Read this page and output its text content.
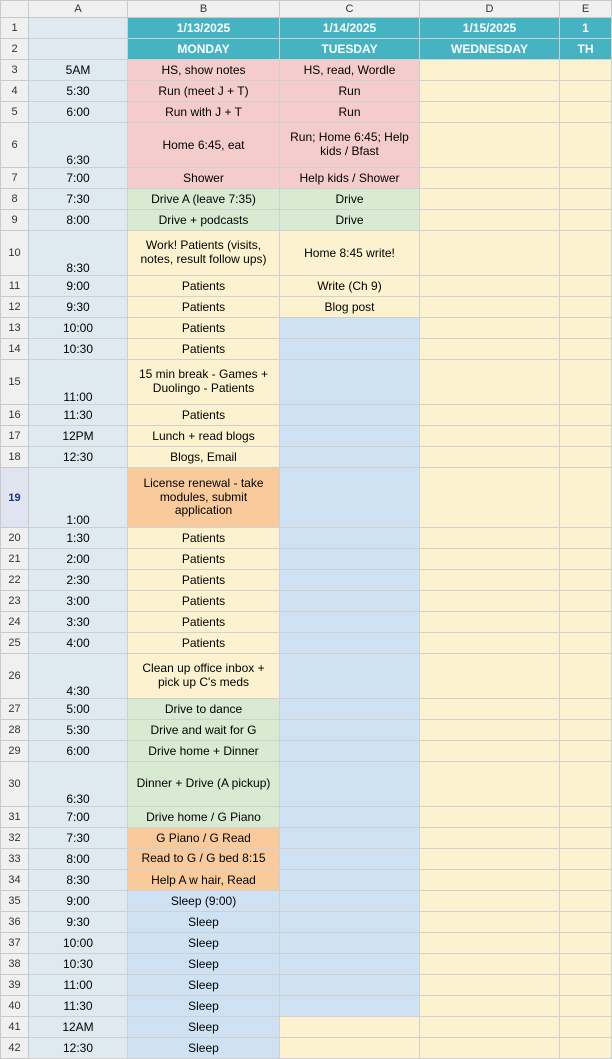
	A	B	C	D	E
1		1/13/2025	1/14/2025	1/15/2025	1
2		MONDAY	TUESDAY	WEDNESDAY	TH
3	5AM	HS, show notes	HS, read, Wordle		
4	5:30	Run (meet J + T)	Run		
5	6:00	Run with J + T	Run		
6	6:30	Home 6:45, eat	Run; Home 6:45; Help kids / Bfast		
7	7:00	Shower	Help kids / Shower		
8	7:30	Drive A (leave 7:35)	Drive		
9	8:00	Drive + podcasts	Drive		
10	8:30	Work! Patients (visits, notes, result follow ups)	Home 8:45 write!		
11	9:00	Patients	Write (Ch 9)		
12	9:30	Patients	Blog post		
13	10:00	Patients			
14	10:30	Patients			
15	11:00	15 min break - Games + Duolingo - Patients			
16	11:30	Patients			
17	12PM	Lunch + read blogs			
18	12:30	Blogs, Email			
19	1:00	License renewal - take modules, submit application			
20	1:30	Patients			
21	2:00	Patients			
22	2:30	Patients			
23	3:00	Patients			
24	3:30	Patients			
25	4:00	Patients			
26	4:30	Clean up office inbox + pick up C's meds			
27	5:00	Drive to dance			
28	5:30	Drive and wait for G			
29	6:00	Drive home + Dinner			
30	6:30	Dinner + Drive (A pickup)			
31	7:00	Drive home / G Piano			
32	7:30	G Piano / G Read			
33	8:00	Read to G / G bed 8:15			
34	8:30	Help A w hair, Read			
35	9:00	Sleep (9:00)			
36	9:30	Sleep			
37	10:00	Sleep			
38	10:30	Sleep			
39	11:00	Sleep			
40	11:30	Sleep			
41	12AM	Sleep			
42	12:30	Sleep			
